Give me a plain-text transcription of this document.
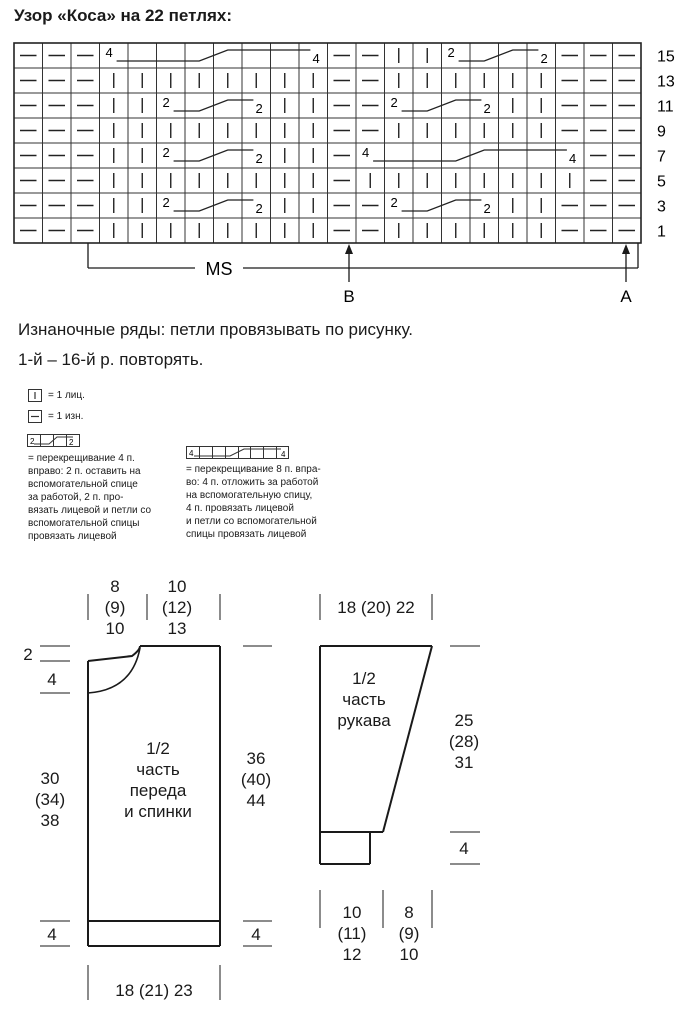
Узор «Коса» на 22 петлях:
4	4	2	2
2	2	2	2
2	2	4	4
2	2	2	2
15
13
11
9
7
5
3
1
MS
B	A
Изнаночные ряды: петли провязывать по рисунку.
1-й – 16-й р. повторять.
= 1 лиц.
= 1 изн.
2	2
= перекрещивание 4 п.
вправо: 2 п. оставить на
вспомогательной спице
за работой, 2 п. про-
вязать лицевой и петли со
вспомогательной спицы
провязать лицевой
4	4
= перекрещивание 8 п. впра-
во: 4 п. отложить за работой
на вспомогательную спицу,
4 п. провязать лицевой
и петли со вспомогательной
спицы провязать лицевой
8
(9)
10
10
(12)
13
2
4
1/2
часть
переда
и спинки
30
(34)
38
36
(40)
44
4	4
18 (21) 23
18 (20) 22
1/2
часть
рукава	25
(28)
31
4
10
(11)
12
8
(9)
10
